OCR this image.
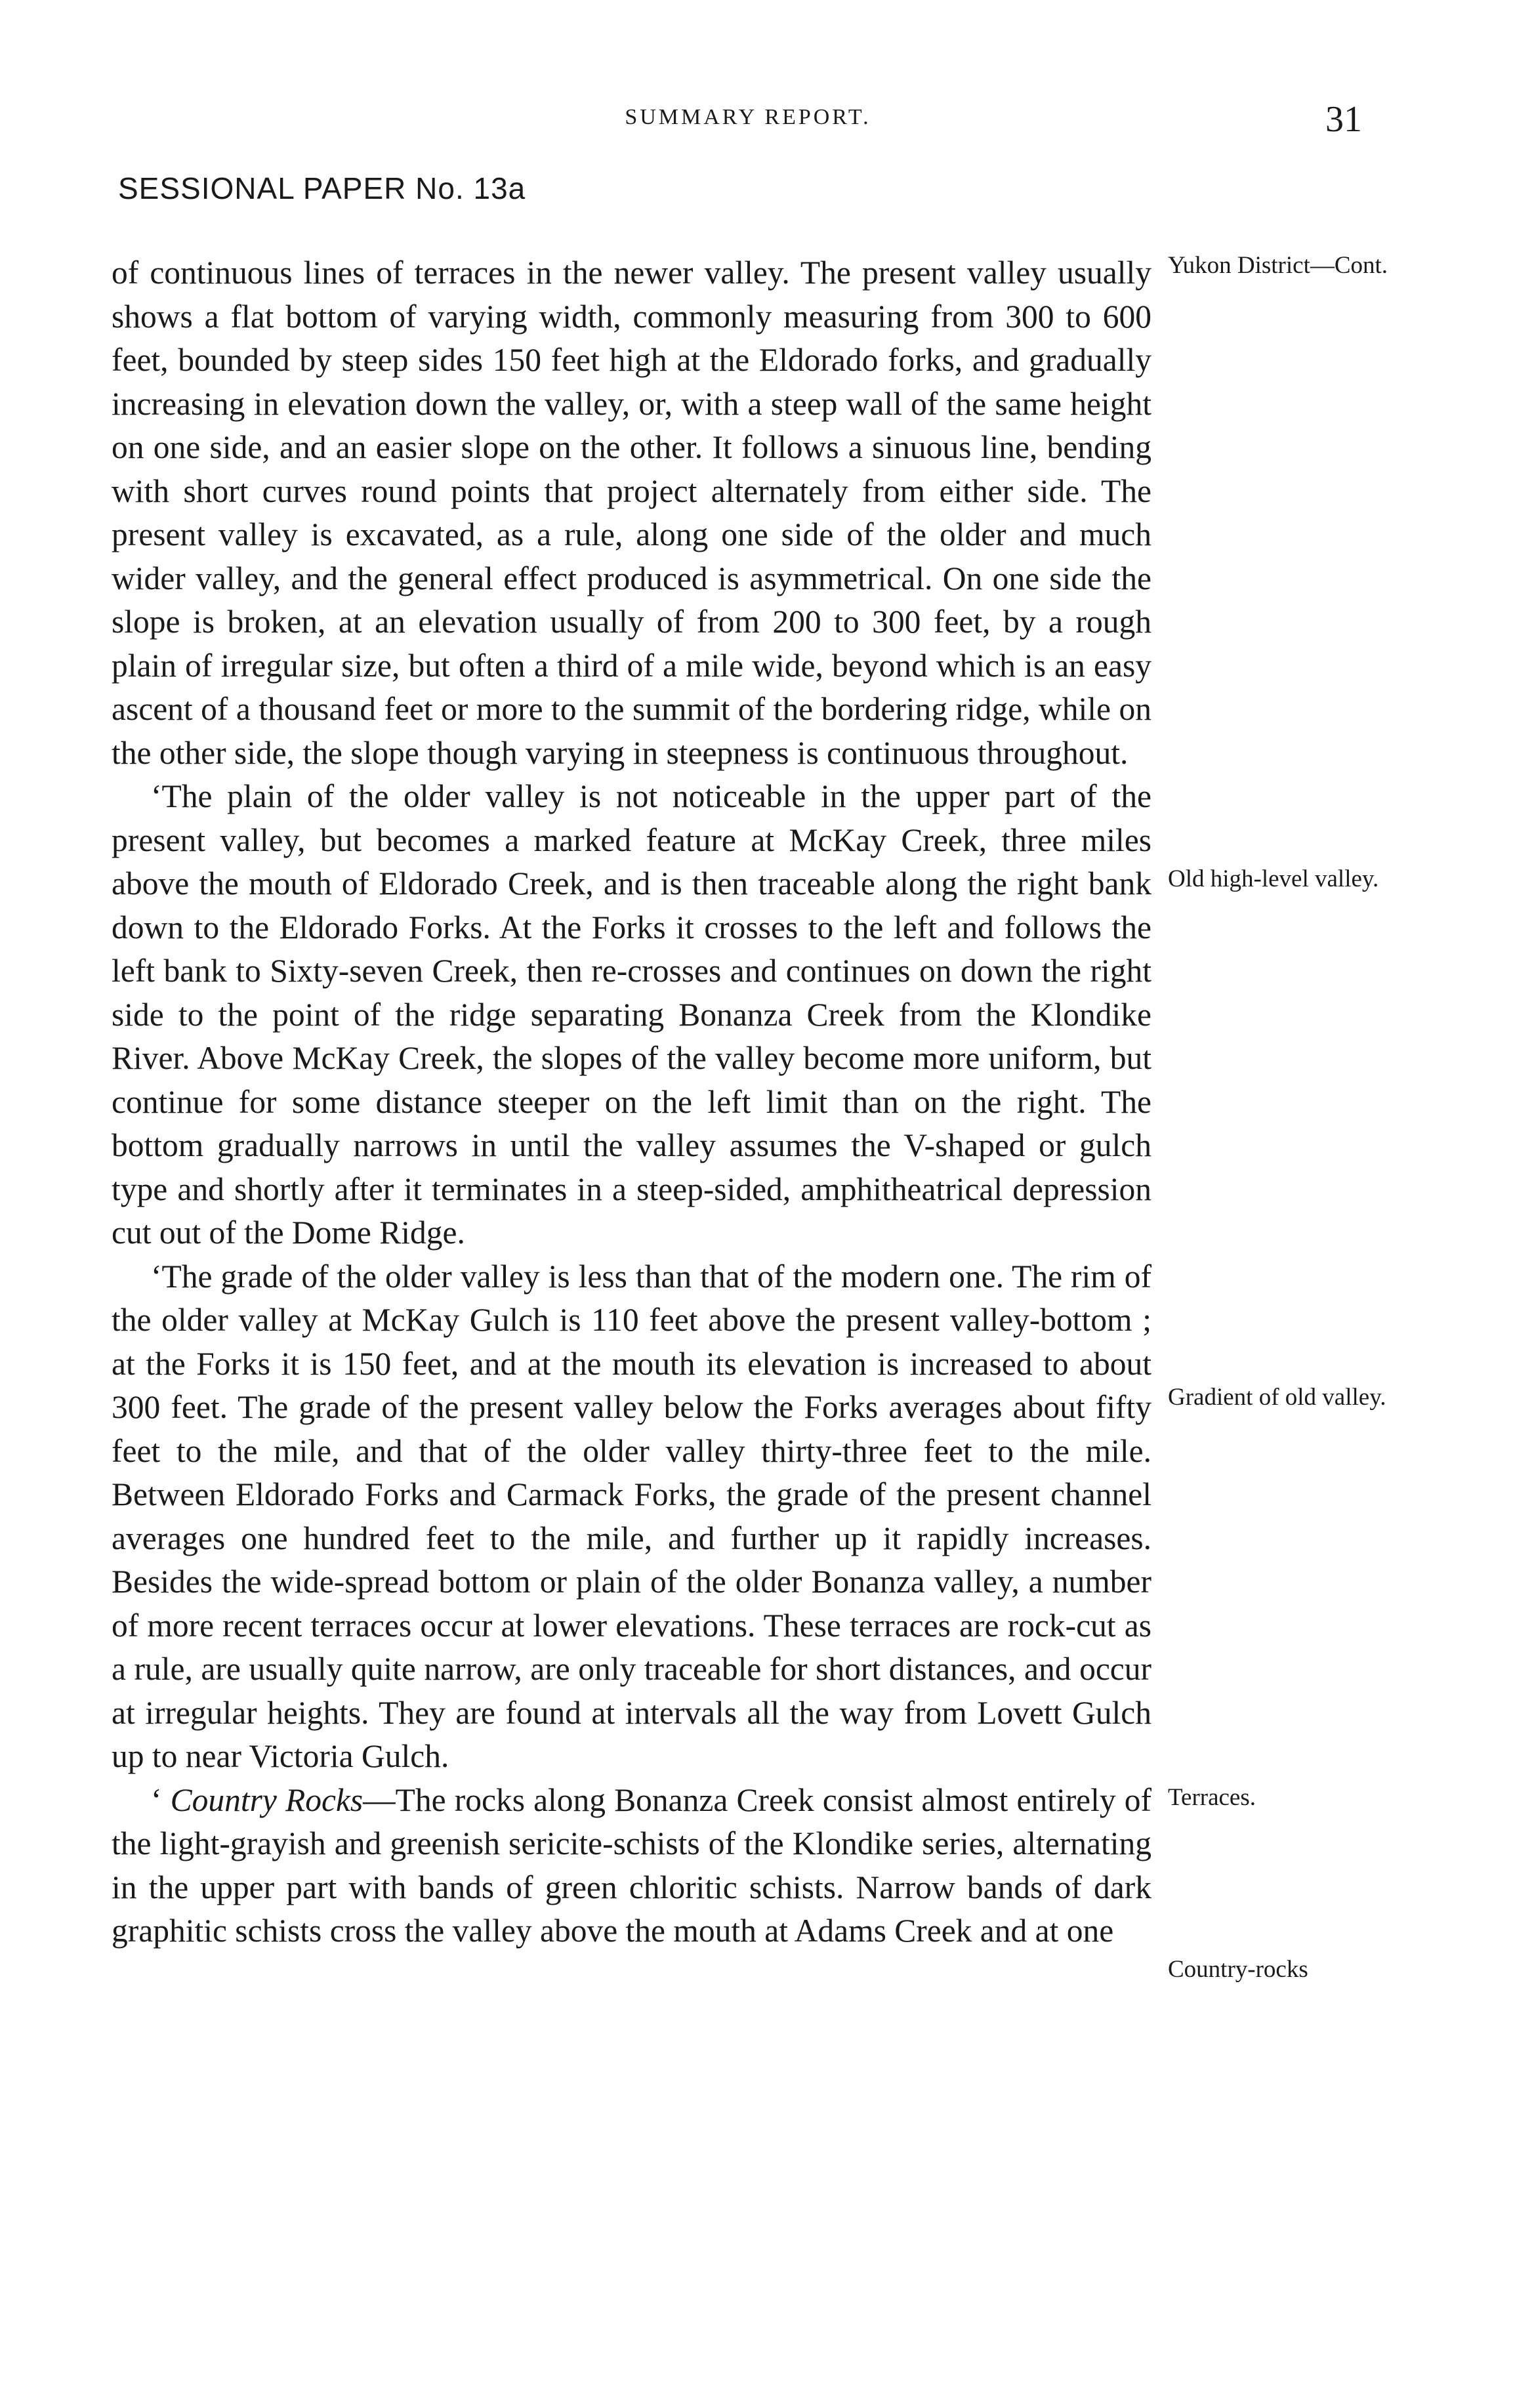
SUMMARY REPORT.	31
SESSIONAL PAPER No. 13a

of continuous lines of terraces in the newer valley. The present valley usually shows a flat bottom of varying width, commonly measuring from 300 to 600 feet, bounded by steep sides 150 feet high at the Eldorado forks, and gradually increasing in elevation down the valley, or, with a steep wall of the same height on one side, and an easier slope on the other. It follows a sinuous line, bending with short curves round points that project alternately from either side. The present valley is excavated, as a rule, along one side of the older and much wider valley, and the general effect produced is asymmetrical. On one side the slope is broken, at an elevation usually of from 200 to 300 feet, by a rough plain of irregular size, but often a third of a mile wide, beyond which is an easy ascent of a thousand feet or more to the summit of the bordering ridge, while on the other side, the slope though varying in steepness is continuous throughout.

‘The plain of the older valley is not noticeable in the upper part of the present valley, but becomes a marked feature at McKay Creek, three miles above the mouth of Eldorado Creek, and is then traceable along the right bank down to the Eldorado Forks. At the Forks it crosses to the left and follows the left bank to Sixty-seven Creek, then re-crosses and continues on down the right side to the point of the ridge separating Bonanza Creek from the Klondike River. Above McKay Creek, the slopes of the valley become more uniform, but continue for some distance steeper on the left limit than on the right. The bottom gradually narrows in until the valley assumes the V-shaped or gulch type and shortly after it terminates in a steep-sided, amphitheatrical depression cut out of the Dome Ridge.

‘The grade of the older valley is less than that of the modern one. The rim of the older valley at McKay Gulch is 110 feet above the present valley-bottom ; at the Forks it is 150 feet, and at the mouth its elevation is increased to about 300 feet. The grade of the present valley below the Forks averages about fifty feet to the mile, and that of the older valley thirty-three feet to the mile. Between Eldorado Forks and Carmack Forks, the grade of the present channel averages one hundred feet to the mile, and further up it rapidly increases. Besides the wide-spread bottom or plain of the older Bonanza valley, a number of more recent terraces occur at lower elevations. These terraces are rock-cut as a rule, are usually quite narrow, are only traceable for short distances, and occur at irregular heights. They are found at intervals all the way from Lovett Gulch up to near Victoria Gulch.

‘ Country Rocks—The rocks along Bonanza Creek consist almost entirely of the light-grayish and greenish sericite-schists of the Klondike series, alternating in the upper part with bands of green chloritic schists. Narrow bands of dark graphitic schists cross the valley above the mouth at Adams Creek and at one

Yukon District—Cont.
Old high-level valley.
Gradient of old valley.
Terraces.
Country-rocks
